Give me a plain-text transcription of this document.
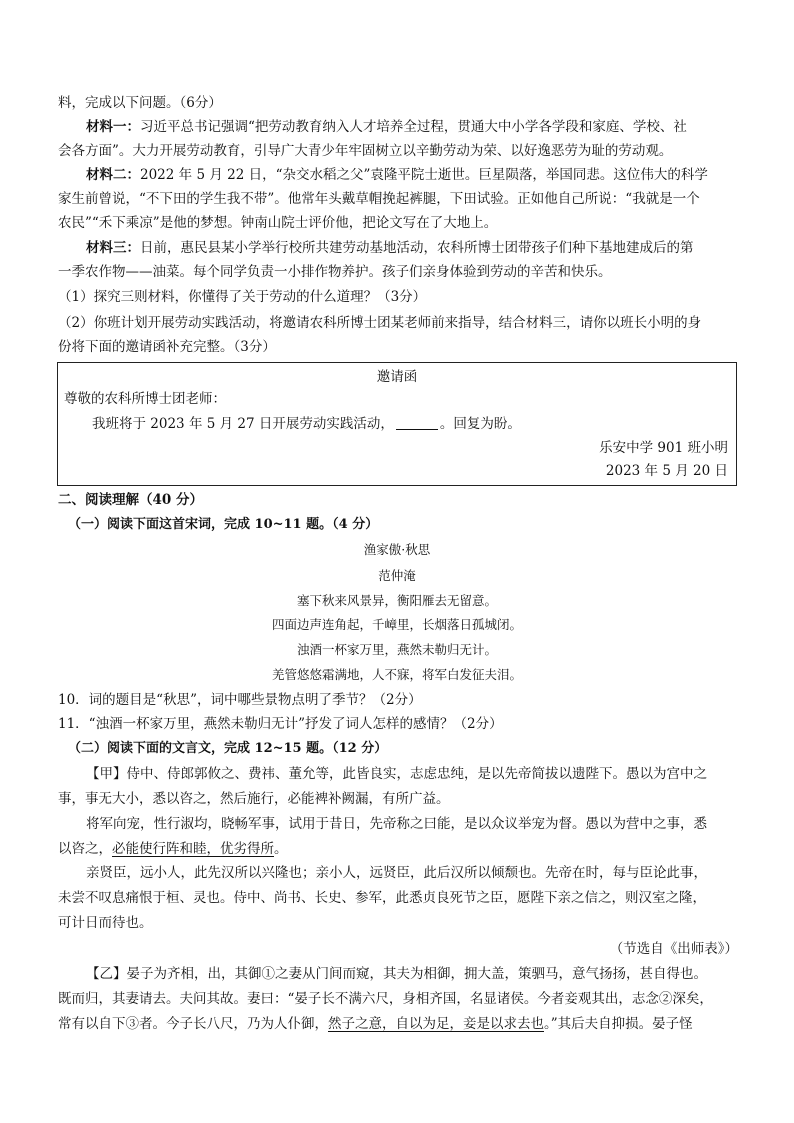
料，完成以下问题。（6分）
材料一：习近平总书记强调“把劳动教育纳入人才培养全过程，贯通大中小学各学段和家庭、学校、社
会各方面”。大力开展劳动教育，引导广大青少年牢固树立以辛勤劳动为荣、以好逸恶劳为耻的劳动观。
材料二：2022 年 5 月 22 日，“杂交水稻之父”袁隆平院士逝世。巨星陨落，举国同悲。这位伟大的科学
家生前曾说，“不下田的学生我不带”。他常年头戴草帽挽起裤腿，下田试验。正如他自己所说：“我就是一个
农民”“禾下乘凉”是他的梦想。钟南山院士评价他，把论文写在了大地上。
材料三：日前，惠民县某小学举行校所共建劳动基地活动，农科所博士团带孩子们种下基地建成后的第
一季农作物——油菜。每个同学负责一小排作物养护。孩子们亲身体验到劳动的辛苦和快乐。
（1）探究三则材料，你懂得了关于劳动的什么道理？（3分）
（2）你班计划开展劳动实践活动，将邀请农科所博士团某老师前来指导，结合材料三，请你以班长小明的身
份将下面的邀请函补充完整。（3分）
邀请函
尊敬的农科所博士团老师：
我班将于 2023 年 5 月 27 日开展劳动实践活动，	。回复为盼。
乐安中学 901 班小明
2023 年 5 月 20 日
二、阅读理解（40 分）
（一）阅读下面这首宋词，完成 10~11 题。（4 分）
渔家傲·秋思
范仲淹
塞下秋来风景异，衡阳雁去无留意。
四面边声连角起，千嶂里，长烟落日孤城闭。
浊酒一杯家万里，燕然未勒归无计。
羌管悠悠霜满地，人不寐，将军白发征夫泪。
10．词的题目是“秋思”，词中哪些景物点明了季节？（2分）
11．“浊酒一杯家万里，燕然未勒归无计”抒发了词人怎样的感情？（2分）
（二）阅读下面的文言文，完成 12~15 题。（12 分）
【甲】侍中、侍郎郭攸之、费祎、董允等，此皆良实，志虑忠纯，是以先帝简拔以遗陛下。愚以为宫中之
事，事无大小，悉以咨之，然后施行，必能裨补阙漏，有所广益。
将军向宠，性行淑均，晓畅军事，试用于昔日，先帝称之曰能，是以众议举宠为督。愚以为营中之事，悉
以咨之，必能使行阵和睦，优劣得所。
亲贤臣，远小人，此先汉所以兴隆也；亲小人，远贤臣，此后汉所以倾颓也。先帝在时，每与臣论此事，
未尝不叹息痛恨于桓、灵也。侍中、尚书、长史、参军，此悉贞良死节之臣，愿陛下亲之信之，则汉室之隆，
可计日而待也。
（节选自《出师表》）
【乙】晏子为齐相，出，其御①之妻从门间而窥，其夫为相御，拥大盖，策驷马，意气扬扬，甚自得也。
既而归，其妻请去。夫问其故。妻曰：“晏子长不满六尺，身相齐国，名显诸侯。今者妾观其出，志念②深矣，
常有以自下③者。今子长八尺，乃为人仆御，然子之意，自以为足，妾是以求去也。”其后夫自抑损。晏子怪
